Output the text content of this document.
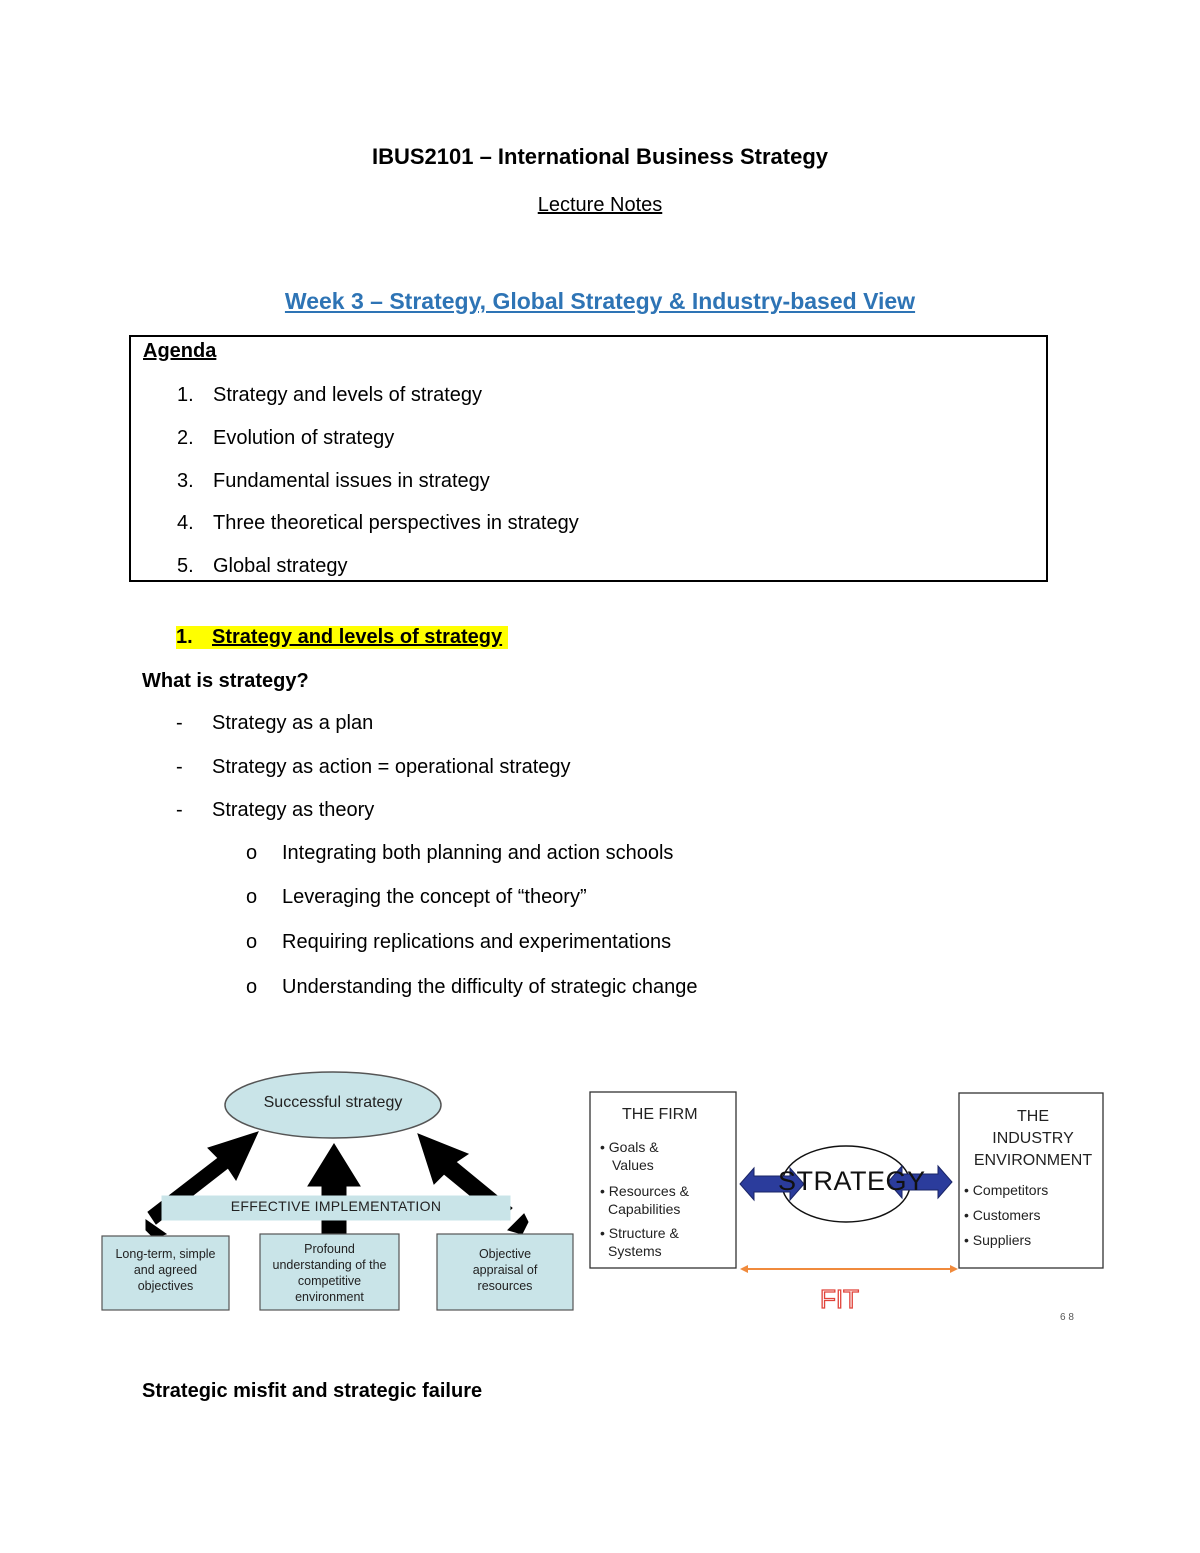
IBUS2101 – International Business Strategy
Lecture Notes
Week 3 – Strategy, Global Strategy & Industry-based View
Agenda
1. Strategy and levels of strategy
2. Evolution of strategy
3. Fundamental issues in strategy
4. Three theoretical perspectives in strategy
5. Global strategy
1. Strategy and levels of strategy
What is strategy?
- Strategy as a plan
- Strategy as action = operational strategy
- Strategy as theory
o Integrating both planning and action schools
o Leveraging the concept of “theory”
o Requiring replications and experimentations
o Understanding the difficulty of strategic change
Successful strategy
EFFECTIVE IMPLEMENTATION
Long-term, simple
and agreed
objectives
Profound
understanding of the
competitive
environment
Objective
appraisal of
resources
THE FIRM
• Goals &
Values
• Resources &
Capabilities
• Structure &
Systems
STRATEGY
THE
INDUSTRY
ENVIRONMENT
• Competitors
• Customers
• Suppliers
FIT
6 8
Strategic misfit and strategic failure
